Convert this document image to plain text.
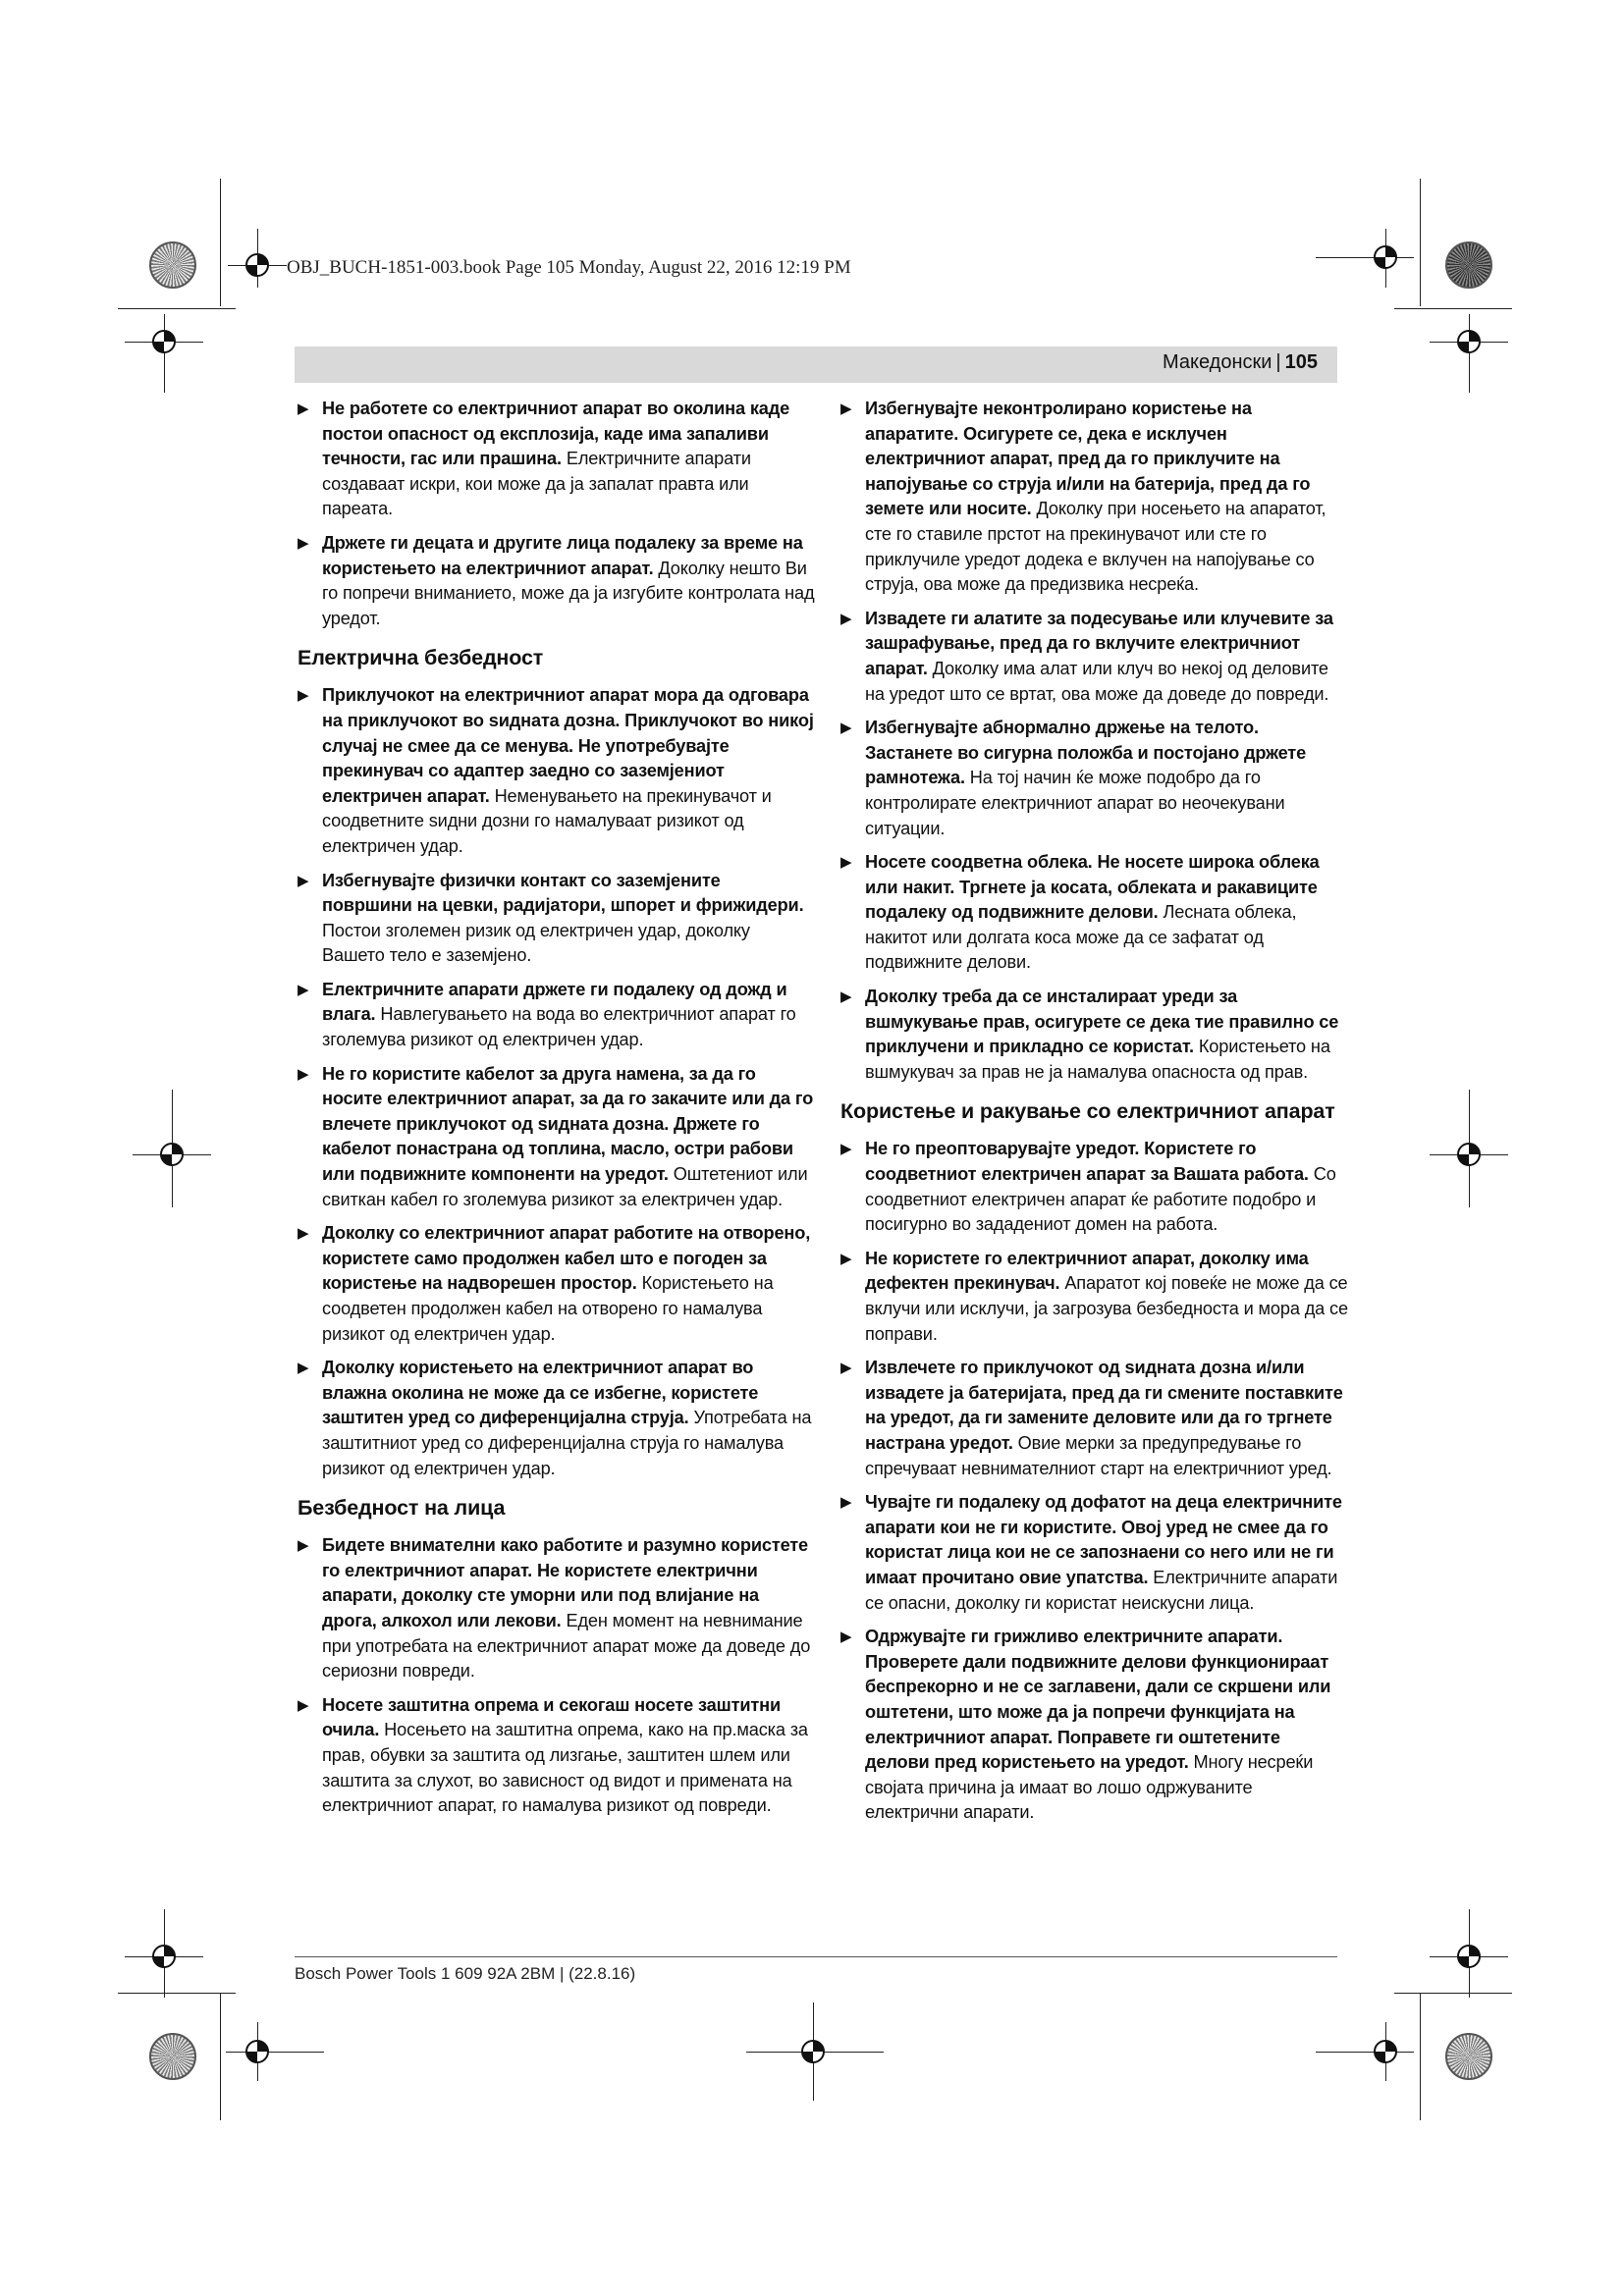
OBJ_BUCH-1851-003.book Page 105 Monday, August 22, 2016 12:19 PM
Македонски | 105
▶ Не работете со електричниот апарат во околина каде постои опасност од експлозија, каде има запаливи течности, гас или прашина. Електричните апарати создаваат искри, кои може да ја запалат правта или пареата.
▶ Држете ги децата и другите лица подалеку за време на користењето на електричниот апарат. Доколку нешто Ви го попречи вниманието, може да ја изгубите контролата над уредот.
Електрична безбедност
▶ Приклучокот на електричниот апарат мора да одговара на приклучокот во ѕидната дозна. Приклучокот во никој случај не смее да се менува. Не употребувајте прекинувач со адаптер заедно со заземјениот електричен апарат. Неменувањето на прекинувачот и соодветните ѕидни дозни го намалуваат ризикот од електричен удар.
▶ Избегнувајте физички контакт со заземјените површини на цевки, радијатори, шпорет и фрижидери. Постои зголемен ризик од електричен удар, доколку Вашето тело е заземјено.
▶ Електричните апарати држете ги подалеку од дожд и влага. Навлегувањето на вода во електричниот апарат го зголемува ризикот од електричен удар.
▶ Не го користите кабелот за друга намена, за да го носите електричниот апарат, за да го закачите или да го влечете приклучокот од ѕидната дозна. Држете го кабелот понастрана од топлина, масло, остри рабови или подвижните компоненти на уредот. Оштетениот или свиткан кабел го зголемува ризикот за електричен удар.
▶ Доколку со електричниот апарат работите на отворено, користете само продолжен кабел што е погоден за користење на надворешен простор. Користењето на соодветен продолжен кабел на отворено го намалува ризикот од електричен удар.
▶ Доколку користењето на електричниот апарат во влажна околина не може да се избегне, користете заштитен уред со диференцијална струја. Употребата на заштитниот уред со диференцијална струја го намалува ризикот од електричен удар.
Безбедност на лица
▶ Бидете внимателни како работите и разумно користете го електричниот апарат. Не користете електрични апарати, доколку сте уморни или под влијание на дрога, алкохол или лекови. Еден момент на невнимание при употребата на електричниот апарат може да доведе до сериозни повреди.
▶ Носете заштитна опрема и секогаш носете заштитни очила. Носењето на заштитна опрема, како на пр.маска за прав, обувки за заштита од лизгање, заштитен шлем или заштита за слухот, во зависност од видот и примената на електричниот апарат, го намалува ризикот од повреди.
▶ Избегнувајте неконтролирано користење на апаратите. Осигурете се, дека е исклучен електричниот апарат, пред да го приклучите на напојување со струја и/или на батерија, пред да го земете или носите. Доколку при носењето на апаратот, сте го ставиле прстот на прекинувачот или сте го приклучиле уредот додека е вклучен на напојување со струја, ова може да предизвика несреќа.
▶ Извадете ги алатите за подесување или клучевите за зашрафување, пред да го вклучите електричниот апарат. Доколку има алат или клуч во некој од деловите на уредот што се вртат, ова може да доведе до повреди.
▶ Избегнувајте абнормално држење на телото. Застанете во сигурна положба и постојано држете рамнотежа. На тој начин ќе може подобро да го контролирате електричниот апарат во неочекувани ситуации.
▶ Носете соодветна облека. Не носете широка облека или накит. Тргнете ја косата, облеката и ракавиците подалеку од подвижните делови. Лесната облека, накитот или долгата коса може да се зафатат од подвижните делови.
▶ Доколку треба да се инсталираат уреди за вшмукување прав, осигурете се дека тие правилно се приклучени и прикладно се користат. Користењето на вшмукувач за прав не ја намалува опасноста од прав.
Користење и ракување со електричниот апарат
▶ Не го преоптоварувајте уредот. Користете го соодветниот електричен апарат за Вашата работа. Со соодветниот електричен апарат ќе работите подобро и посигурно во зададениот домен на работа.
▶ Не користете го електричниот апарат, доколку има дефектен прекинувач. Апаратот кој повеќе не може да се вклучи или исклучи, ја загрозува безбедноста и мора да се поправи.
▶ Извлечете го приклучокот од ѕидната дозна и/или извадете ја батеријата, пред да ги смените поставките на уредот, да ги замените деловите или да го тргнете настрана уредот. Овие мерки за предупредување го спречуваат невнимателниот старт на електричниот уред.
▶ Чувајте ги подалеку од дофатот на деца електричните апарати кои не ги користите. Овој уред не смее да го користат лица кои не се запознаени со него или не ги имаат прочитано овие упатства. Електричните апарати се опасни, доколку ги користат неискусни лица.
▶ Одржувајте ги грижливо електричните апарати. Проверете дали подвижните делови функционираат беспрекорно и не се заглавени, дали се скршени или оштетени, што може да ја попречи функцијата на електричниот апарат. Поправете ги оштетените делови пред користењето на уредот. Многу несреќи својата причина ја имаат во лошо одржуваните електрични апарати.
Bosch Power Tools 1 609 92A 2BM | (22.8.16)
